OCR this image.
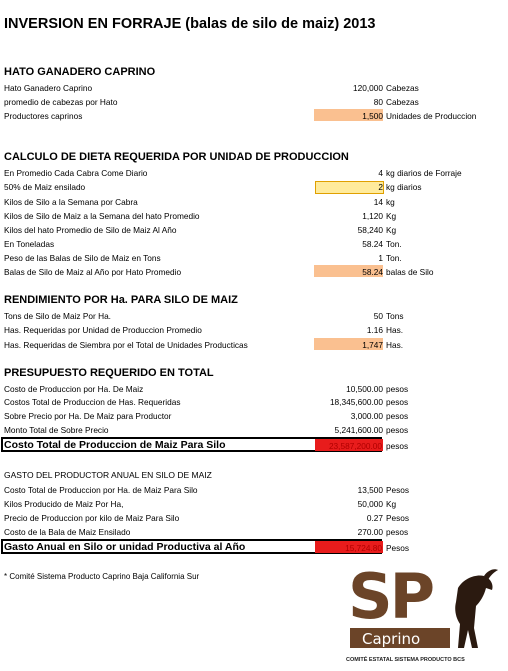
INVERSION EN FORRAJE (balas de silo de maiz) 2013
HATO GANADERO CAPRINO
Hato Ganadero Caprino	120,000 Cabezas
promedio de cabezas por Hato	80 Cabezas
Productores caprinos	1,500 Unidades de Produccion
CALCULO DE DIETA REQUERIDA POR UNIDAD DE PRODUCCION
En Promedio Cada Cabra Come Diario	4 kg diarios de Forraje
50% de Maiz ensilado	2 kg diarios
Kilos de Silo a la Semana por Cabra	14 kg
Kilos de Silo de Maiz a la Semana del hato Promedio	1,120 Kg
Kilos del hato Promedio de Silo de Maiz Al Año	58,240 Kg
En Toneladas	58.24 Ton.
Peso de las Balas de Silo de Maiz en Tons	1 Ton.
Balas de Silo de Maiz al Año por Hato Promedio	58.24 balas de Silo
RENDIMIENTO POR Ha. PARA SILO DE MAIZ
Tons de Silo de Maiz Por Ha.	50 Tons
Has. Requeridas por Unidad de Produccion Promedio	1.16 Has.
Has. Requeridas de Siembra por el Total de Unidades Producticas	1,747 Has.
PRESUPUESTO REQUERIDO EN TOTAL
Costo de Produccion por Ha. De Maiz	10,500.00 pesos
Costos Total de Produccion de Has. Requeridas	18,345,600.00 pesos
Sobre Precio por Ha. De Maiz para Productor	3,000.00 pesos
Monto Total de Sobre Precio	5,241,600.00 pesos
Costo Total de Produccion de Maiz Para Silo	23,587,200.00 pesos
GASTO DEL PRODUCTOR ANUAL EN SILO DE MAIZ
Costo Total de Produccion por Ha. de Maiz Para Silo	13,500 Pesos
Kilos Producido de Maiz Por Ha,	50,000 Kg
Precio de Produccion por kilo de Maiz Para Silo	0.27 Pesos
Costo de la Bala de Maiz Ensilado	270.00 pesos
Gasto Anual en Silo or unidad Productiva al Año	15,724.80 Pesos
* Comité Sistema Producto Caprino Baja California Sur SP
Caprino
COMITÉ ESTATAL SISTEMA PRODUCTO BCS
